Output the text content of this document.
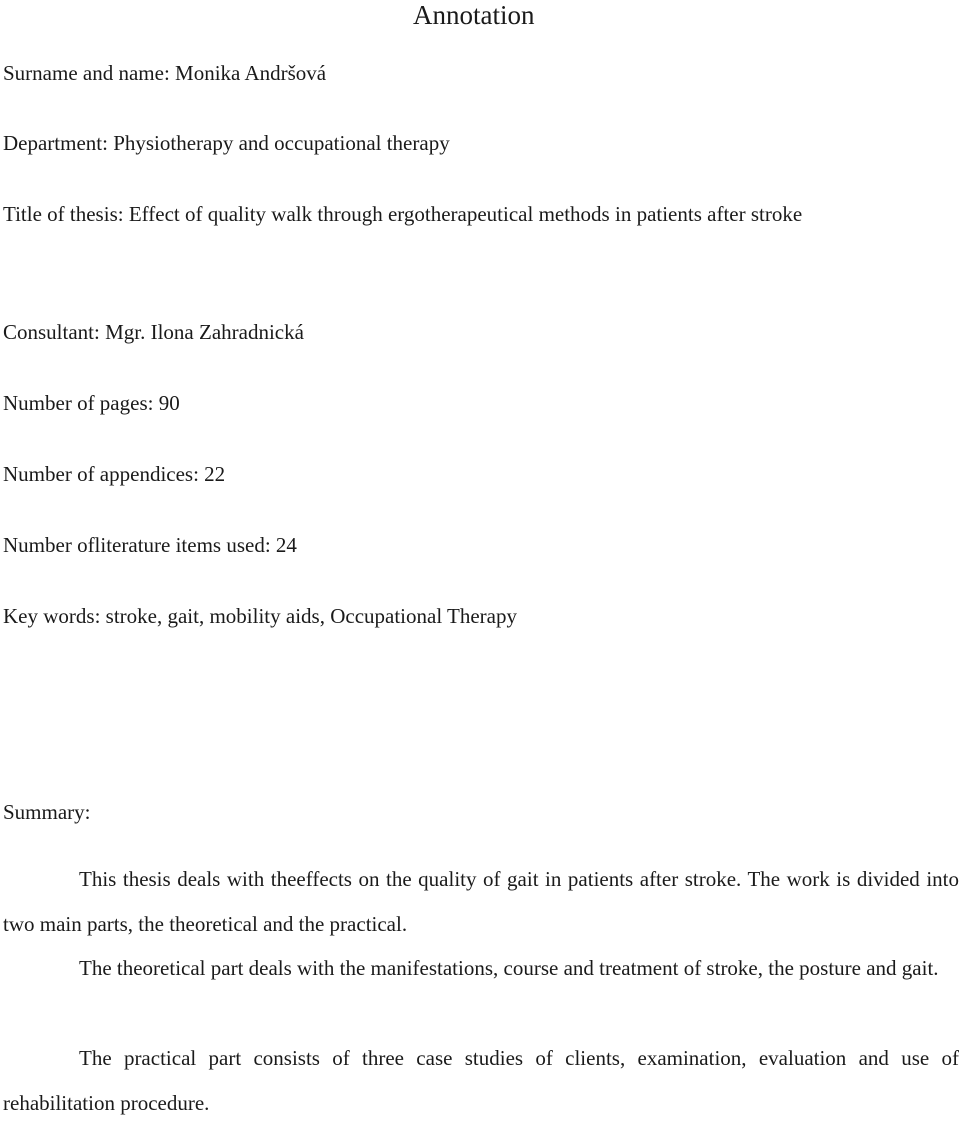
Annotation

Surname and name: Monika Andršová

Department: Physiotherapy and occupational therapy

Title of thesis: Effect of quality walk through ergotherapeutical methods in patients after stroke

Consultant: Mgr. Ilona Zahradnická

Number of pages: 90

Number of appendices: 22

Number ofliterature items used: 24

Key words: stroke, gait, mobility aids, Occupational Therapy

Summary:

This thesis deals with theeffects on the quality of gait in patients after stroke. The work is divided into two main parts, the theoretical and the practical.

The theoretical part deals with the manifestations, course and treatment of stroke, the posture and gait.

The practical part consists of three case studies of clients, examination, evaluation and use of rehabilitation procedure.
